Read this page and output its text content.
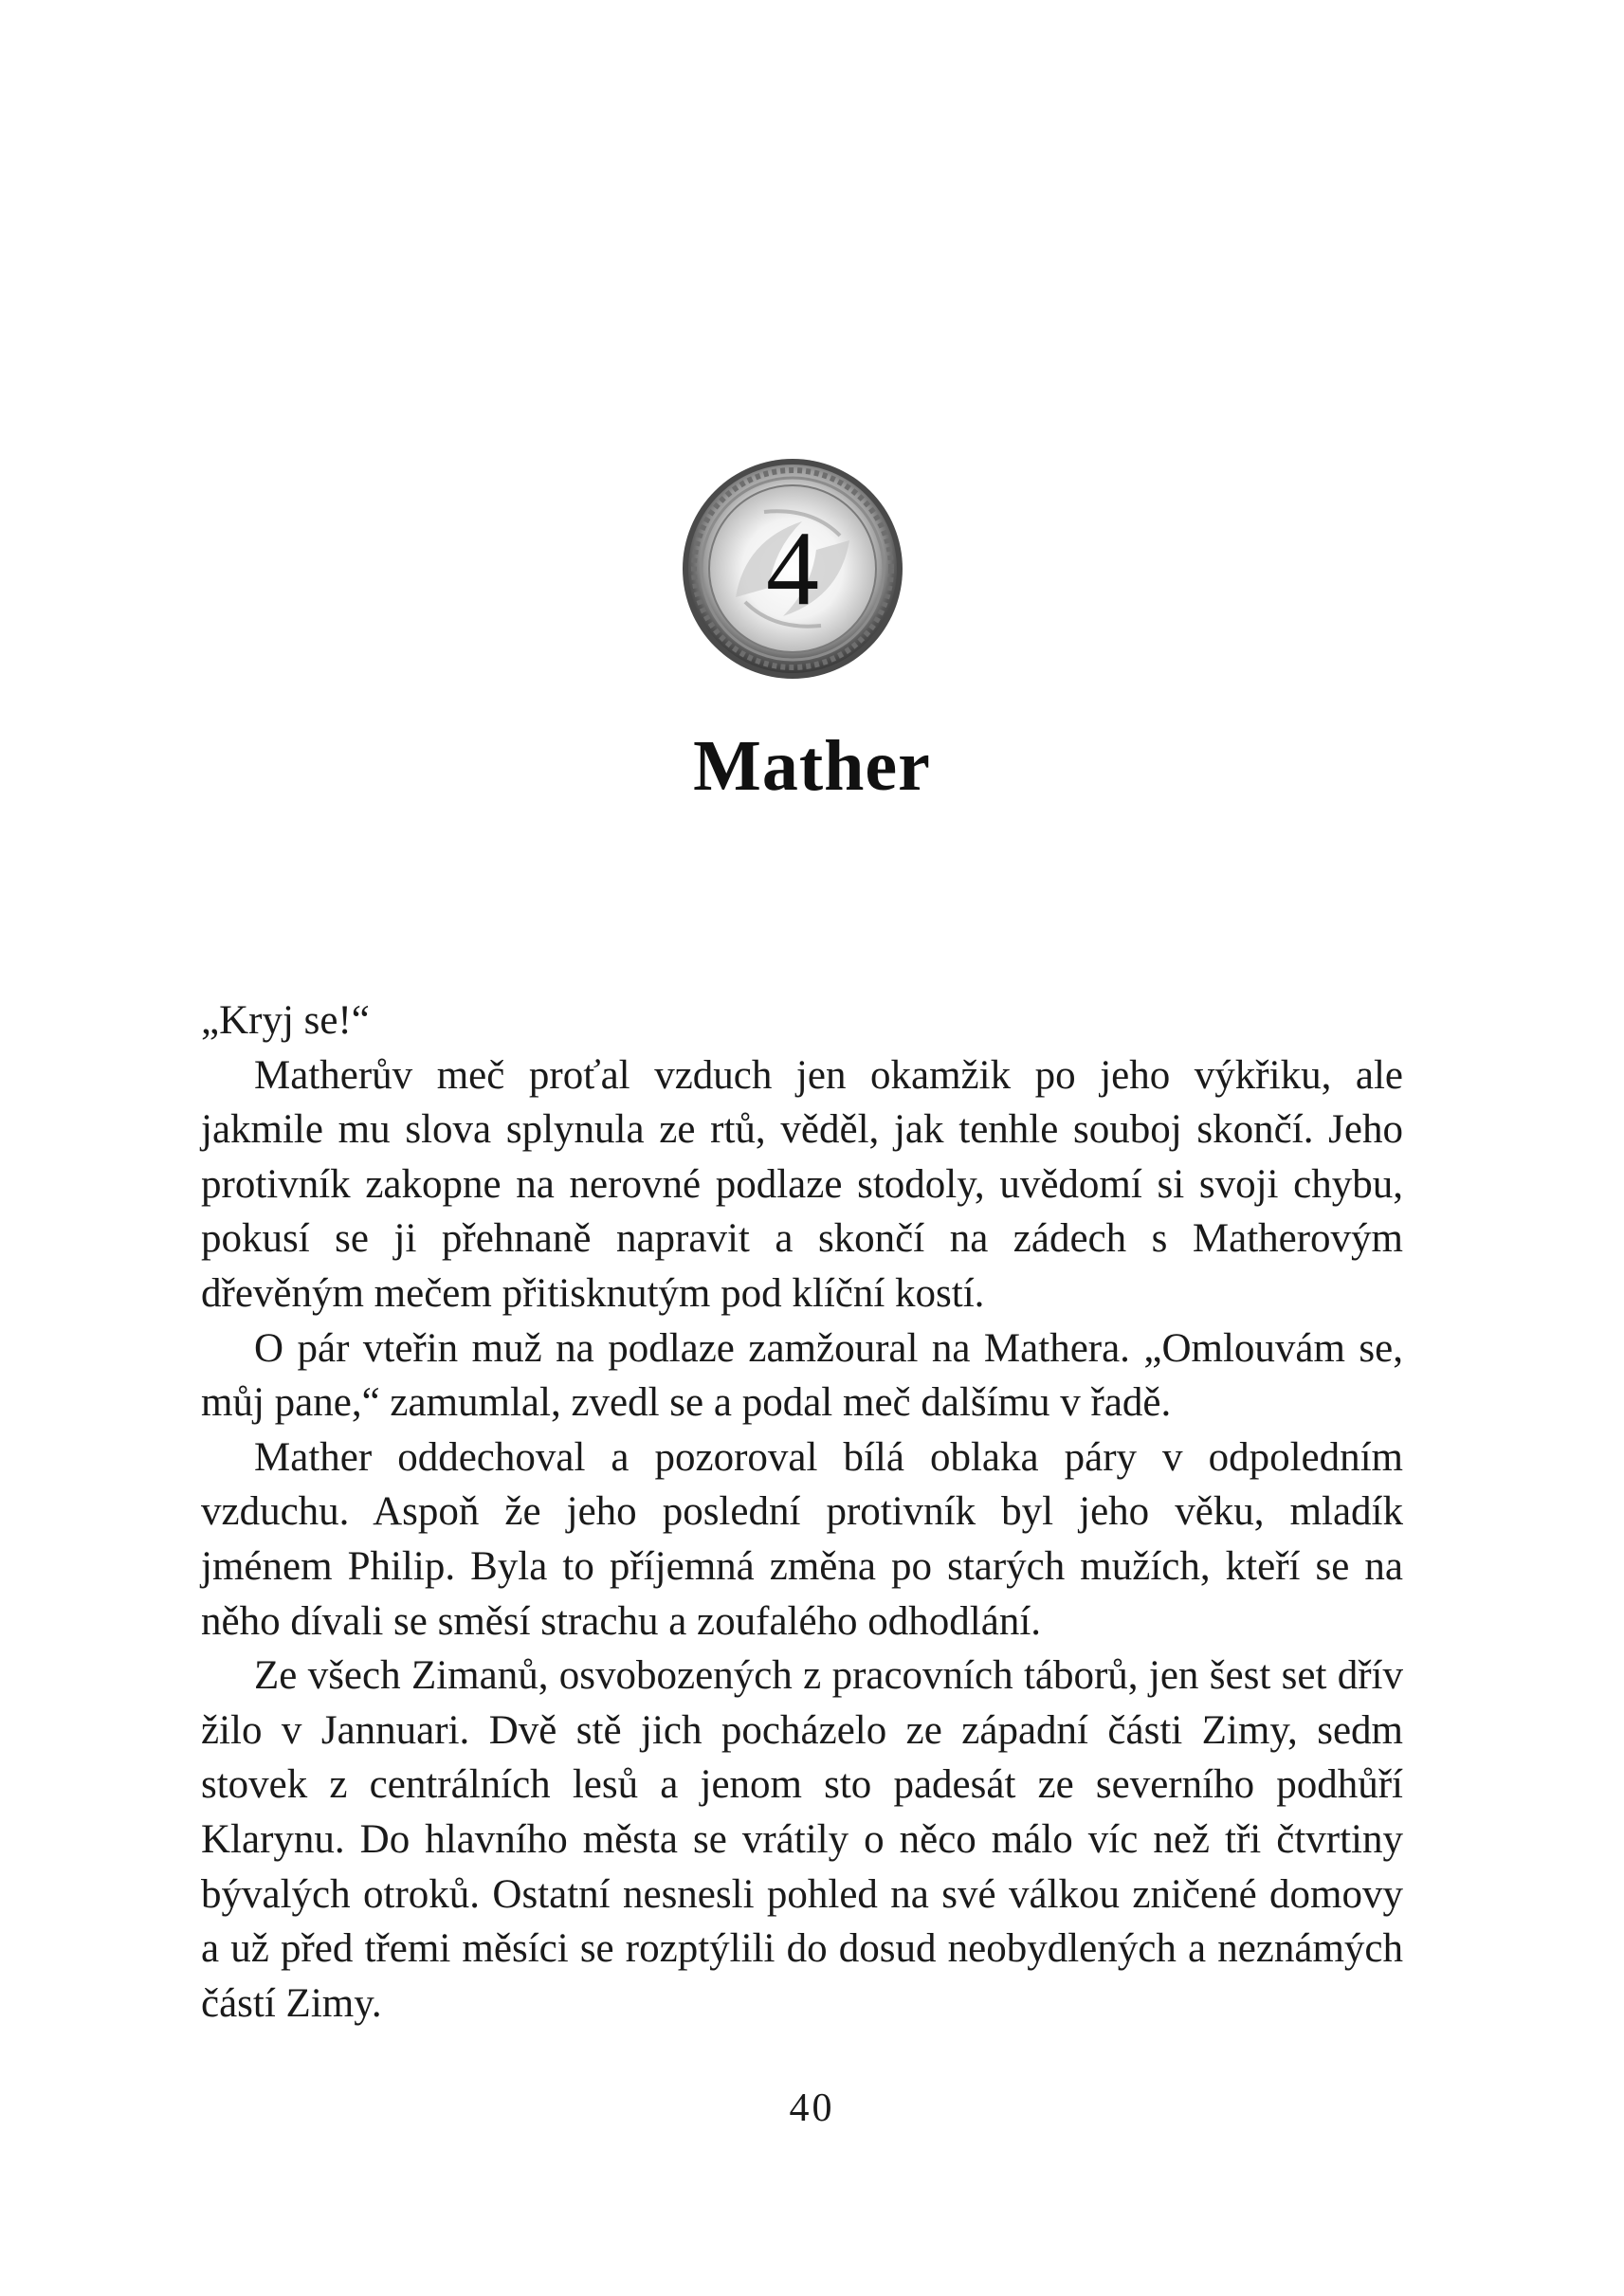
4
Mather

„Kryj se!“

Matherův meč proťal vzduch jen okamžik po jeho výkřiku, ale jakmile mu slova splynula ze rtů, věděl, jak tenhle souboj skončí. Jeho protivník zakopne na nerovné podlaze stodoly, uvědomí si svoji chybu, pokusí se ji přehnaně napravit a skončí na zádech s Matherovým dřevěným mečem přitisknutým pod klíční kostí.

O pár vteřin muž na podlaze zamžoural na Mathera. „Omlouvám se, můj pane,“ zamumlal, zvedl se a podal meč dalšímu v řadě.

Mather oddechoval a pozoroval bílá oblaka páry v odpoledním vzduchu. Aspoň že jeho poslední protivník byl jeho věku, mladík jménem Philip. Byla to příjemná změna po starých mužích, kteří se na něho dívali se směsí strachu a zoufalého odhodlání.

Ze všech Zimanů, osvobozených z pracovních táborů, jen šest set dřív žilo v Jannuari. Dvě stě jich pocházelo ze západní části Zimy, sedm stovek z centrálních lesů a jenom sto padesát ze severního podhůří Klarynu. Do hlavního města se vrátily o něco málo víc než tři čtvrtiny bývalých otroků. Ostatní nesnesli pohled na své válkou zničené domovy a už před třemi měsíci se rozptýlili do dosud neobydlených a neznámých částí Zimy.

40
